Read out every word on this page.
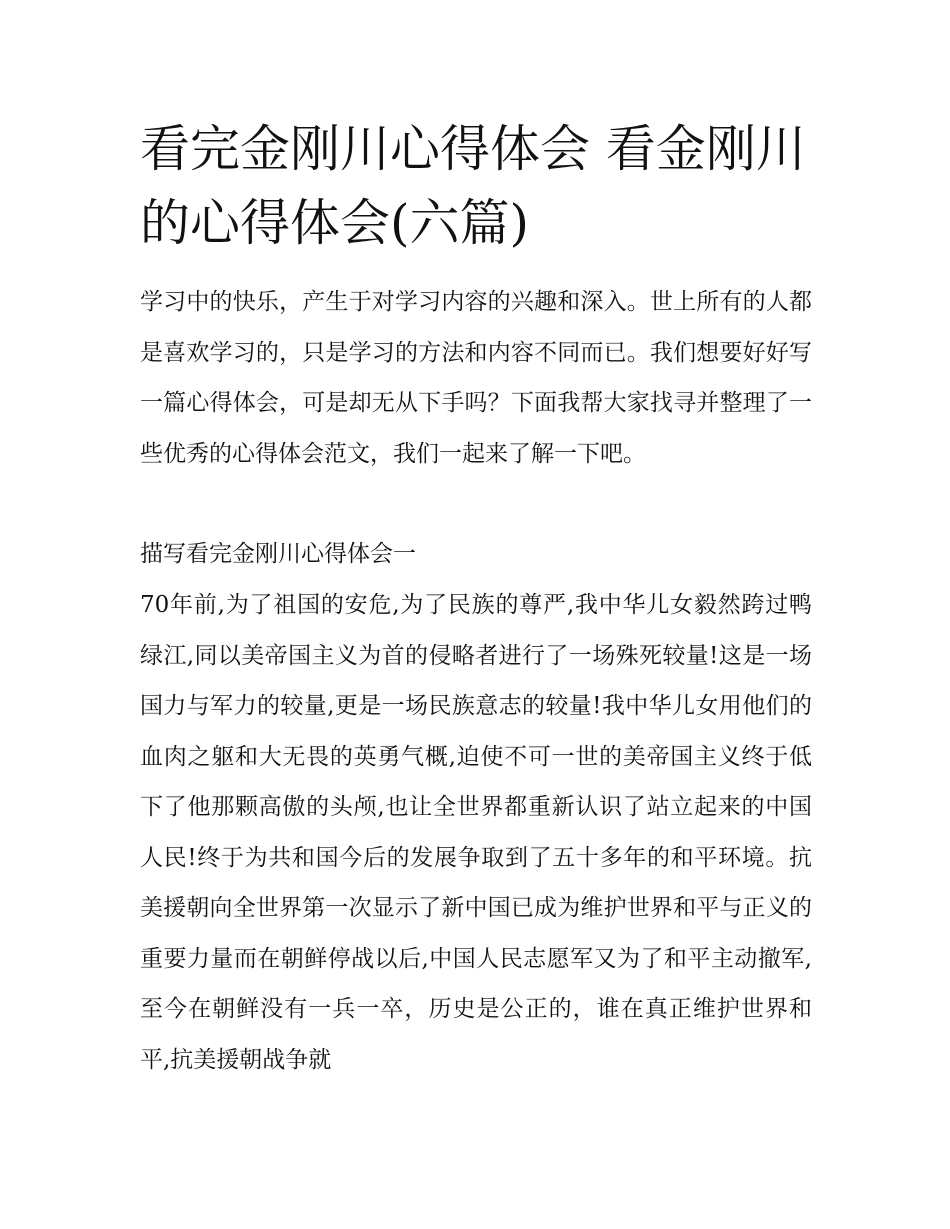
看完金刚川心得体会 看金刚川的心得体会(六篇)

学习中的快乐，产生于对学习内容的兴趣和深入。世上所有的人都是喜欢学习的，只是学习的方法和内容不同而已。我们想要好好写一篇心得体会，可是却无从下手吗？下面我帮大家找寻并整理了一些优秀的心得体会范文，我们一起来了解一下吧。

描写看完金刚川心得体会一

70年前,为了祖国的安危,为了民族的尊严,我中华儿女毅然跨过鸭绿江,同以美帝国主义为首的侵略者进行了一场殊死较量!这是一场国力与军力的较量,更是一场民族意志的较量!我中华儿女用他们的血肉之躯和大无畏的英勇气概,迫使不可一世的美帝国主义终于低下了他那颗高傲的头颅,也让全世界都重新认识了站立起来的中国人民!终于为共和国今后的发展争取到了五十多年的和平环境。抗美援朝向全世界第一次显示了新中国已成为维护世界和平与正义的重要力量而在朝鲜停战以后,中国人民志愿军又为了和平主动撤军,至今在朝鲜没有一兵一卒，历史是公正的，谁在真正维护世界和平,抗美援朝战争就
